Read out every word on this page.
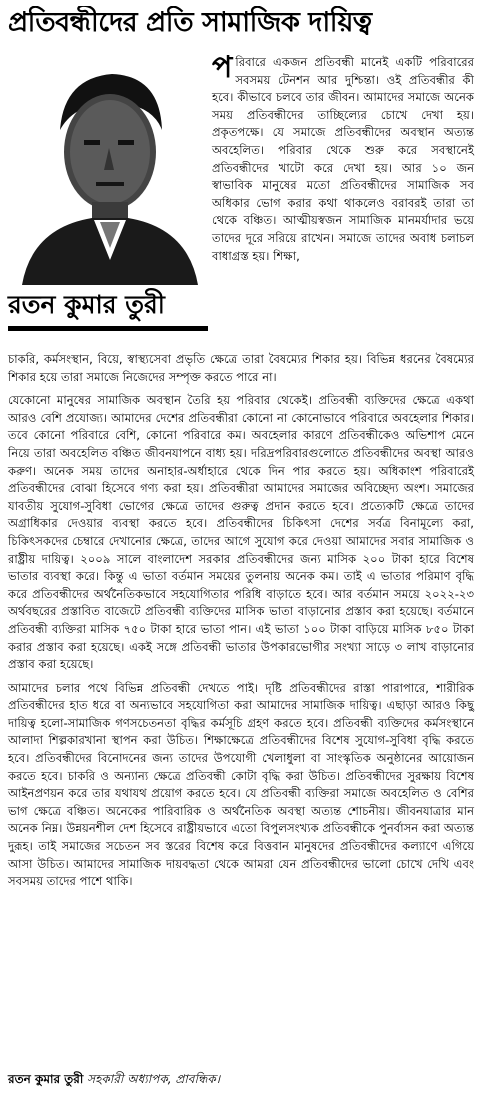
প্রতিবন্ধীদের প্রতি সামাজিক দায়িত্ব
রতন কুমার তুরী
পরিবারে একজন প্রতিবন্ধী মানেই একটি পরিবারের সবসময় টেনশন আর দুশ্চিন্তা। ওই প্রতিবন্ধীর কী হবে। কীভাবে চলবে তার জীবন। আমাদের সমাজে অনেক সময় প্রতিবন্ধীদের তাচ্ছিল্যের চোখে দেখা হয়। প্রকৃতপক্ষে। যে সমাজে প্রতিবন্ধীদের অবস্থান অত্যন্ত অবহেলিত। পরিবার থেকে শুরু করে সবস্থানেই প্রতিবন্ধীদের খাটো করে দেখা হয়। আর ১০ জন স্বাভাবিক মানুষের মতো প্রতিবন্ধীদের সামাজিক সব অধিকার ভোগ করার কথা থাকলেও বরাবরই তারা তা থেকে বঞ্চিত। আত্মীয়স্বজন সামাজিক মানমর্যাদার ভয়ে তাদের দূরে সরিয়ে রাখেন। সমাজে তাদের অবাধ চলাচল বাধাগ্রস্ত হয়। শিক্ষা,

চাকরি, কর্মসংস্থান, বিয়ে, স্বাস্থ্যসেবা প্রভৃতি ক্ষেত্রে তারা বৈষম্যের শিকার হয়। বিভিন্ন ধরনের বৈষম্যের শিকার হয়ে তারা সমাজে নিজেদের সম্পৃক্ত করতে পারে না।

যেকোনো মানুষের সামাজিক অবস্থান তৈরি হয় পরিবার থেকেই। প্রতিবন্ধী ব্যক্তিদের ক্ষেত্রে একথা আরও বেশি প্রযোজ্য। আমাদের দেশের প্রতিবন্ধীরা কোনো না কোনোভাবে পরিবারে অবহেলার শিকার। তবে কোনো পরিবারে বেশি, কোনো পরিবারে কম। অবহেলার কারণে প্রতিবন্ধীকেও অভিশাপ মেনে নিয়ে তারা অবহেলিত বঞ্চিত জীবনযাপনে বাধ্য হয়। দরিদ্রপরিবারগুলোতে প্রতিবন্ধীদের অবস্থা আরও করুণ। অনেক সময় তাদের অনাহার-অর্ধাহারে থেকে দিন পার করতে হয়। অধিকাংশ পরিবারেই প্রতিবন্ধীদের বোঝা হিসেবে গণ্য করা হয়। প্রতিবন্ধীরা আমাদের সমাজের অবিচ্ছেদ্য অংশ। সমাজের যাবতীয় সুযোগ-সুবিধা ভোগের ক্ষেত্রে তাদের গুরুত্ব প্রদান করতে হবে। প্রত্যেকটি ক্ষেত্রে তাদের অগ্রাধিকার দেওয়ার ব্যবস্থা করতে হবে। প্রতিবন্ধীদের চিকিৎসা দেশের সর্বত্র বিনামূল্যে করা, চিকিৎসকদের চেম্বারে দেখানোর ক্ষেত্রে, তাদের আগে সুযোগ করে দেওয়া আমাদের সবার সামাজিক ও রাষ্ট্রীয় দায়িত্ব। ২০০৯ সালে বাংলাদেশ সরকার প্রতিবন্ধীদের জন্য মাসিক ২০০ টাকা হারে বিশেষ ভাতার ব্যবস্থা করে। কিন্তু এ ভাতা বর্তমান সময়ের তুলনায় অনেক কম। তাই এ ভাতার পরিমাণ বৃদ্ধি করে প্রতিবন্ধীদের অর্থনৈতিকভাবে সহযোগিতার পরিধি বাড়াতে হবে। আর বর্তমান সময়ে ২০২২-২৩ অর্থবছরের প্রস্তাবিত বাজেটে প্রতিবন্ধী ব্যক্তিদের মাসিক ভাতা বাড়ানোর প্রস্তাব করা হয়েছে। বর্তমানে প্রতিবন্ধী ব্যক্তিরা মাসিক ৭৫০ টাকা হারে ভাতা পান। এই ভাতা ১০০ টাকা বাড়িয়ে মাসিক ৮৫০ টাকা করার প্রস্তাব করা হয়েছে। একই সঙ্গে প্রতিবন্ধী ভাতার উপকারভোগীর সংখ্যা সাড়ে ৩ লাখ বাড়ানোর প্রস্তাব করা হয়েছে।

আমাদের চলার পথে বিভিন্ন প্রতিবন্ধী দেখতে পাই। দৃষ্টি প্রতিবন্ধীদের রাস্তা পারাপারে, শারীরিক প্রতিবন্ধীদের হাত ধরে বা অন্যভাবে সহযোগিতা করা আমাদের সামাজিক দায়িত্ব। এছাড়া আরও কিছু দায়িত্ব হলো-সামাজিক গণসচেতনতা বৃদ্ধির কর্মসূচি গ্রহণ করতে হবে। প্রতিবন্ধী ব্যক্তিদের কর্মসংস্থানে আলাদা শিল্পকারখানা স্থাপন করা উচিত। শিক্ষাক্ষেত্রে প্রতিবন্ধীদের বিশেষ সুযোগ-সুবিধা বৃদ্ধি করতে হবে। প্রতিবন্ধীদের বিনোদনের জন্য তাদের উপযোগী খেলাধুলা বা সাংস্কৃতিক অনুষ্ঠানের আয়োজন করতে হবে। চাকরি ও অন্যান্য ক্ষেত্রে প্রতিবন্ধী কোটা বৃদ্ধি করা উচিত। প্রতিবন্ধীদের সুরক্ষায় বিশেষ আইনপ্রণয়ন করে তার যথাযথ প্রয়োগ করতে হবে। যে প্রতিবন্ধী ব্যক্তিরা সমাজে অবহেলিত ও বেশির ভাগ ক্ষেত্রে বঞ্চিত। অনেকের পারিবারিক ও অর্থনৈতিক অবস্থা অত্যন্ত শোচনীয়। জীবনযাত্রার মান অনেক নিম্ন। উন্নয়নশীল দেশ হিসেবে রাষ্ট্রীয়ভাবে এতো বিপুলসংখ্যক প্রতিবন্ধীকে পুনর্বাসন করা অত্যন্ত দুরূহ। তাই সমাজের সচেতন সব স্তরের বিশেষ করে বিত্তবান মানুষদের প্রতিবন্ধীদের কল্যাণে এগিয়ে আসা উচিত। আমাদের সামাজিক দায়বদ্ধতা থেকে আমরা যেন প্রতিবন্ধীদের ভালো চোখে দেখি এবং সবসময় তাদের পাশে থাকি।

রতন কুমার তুরী সহকারী অধ্যাপক, প্রাবন্ধিক।
